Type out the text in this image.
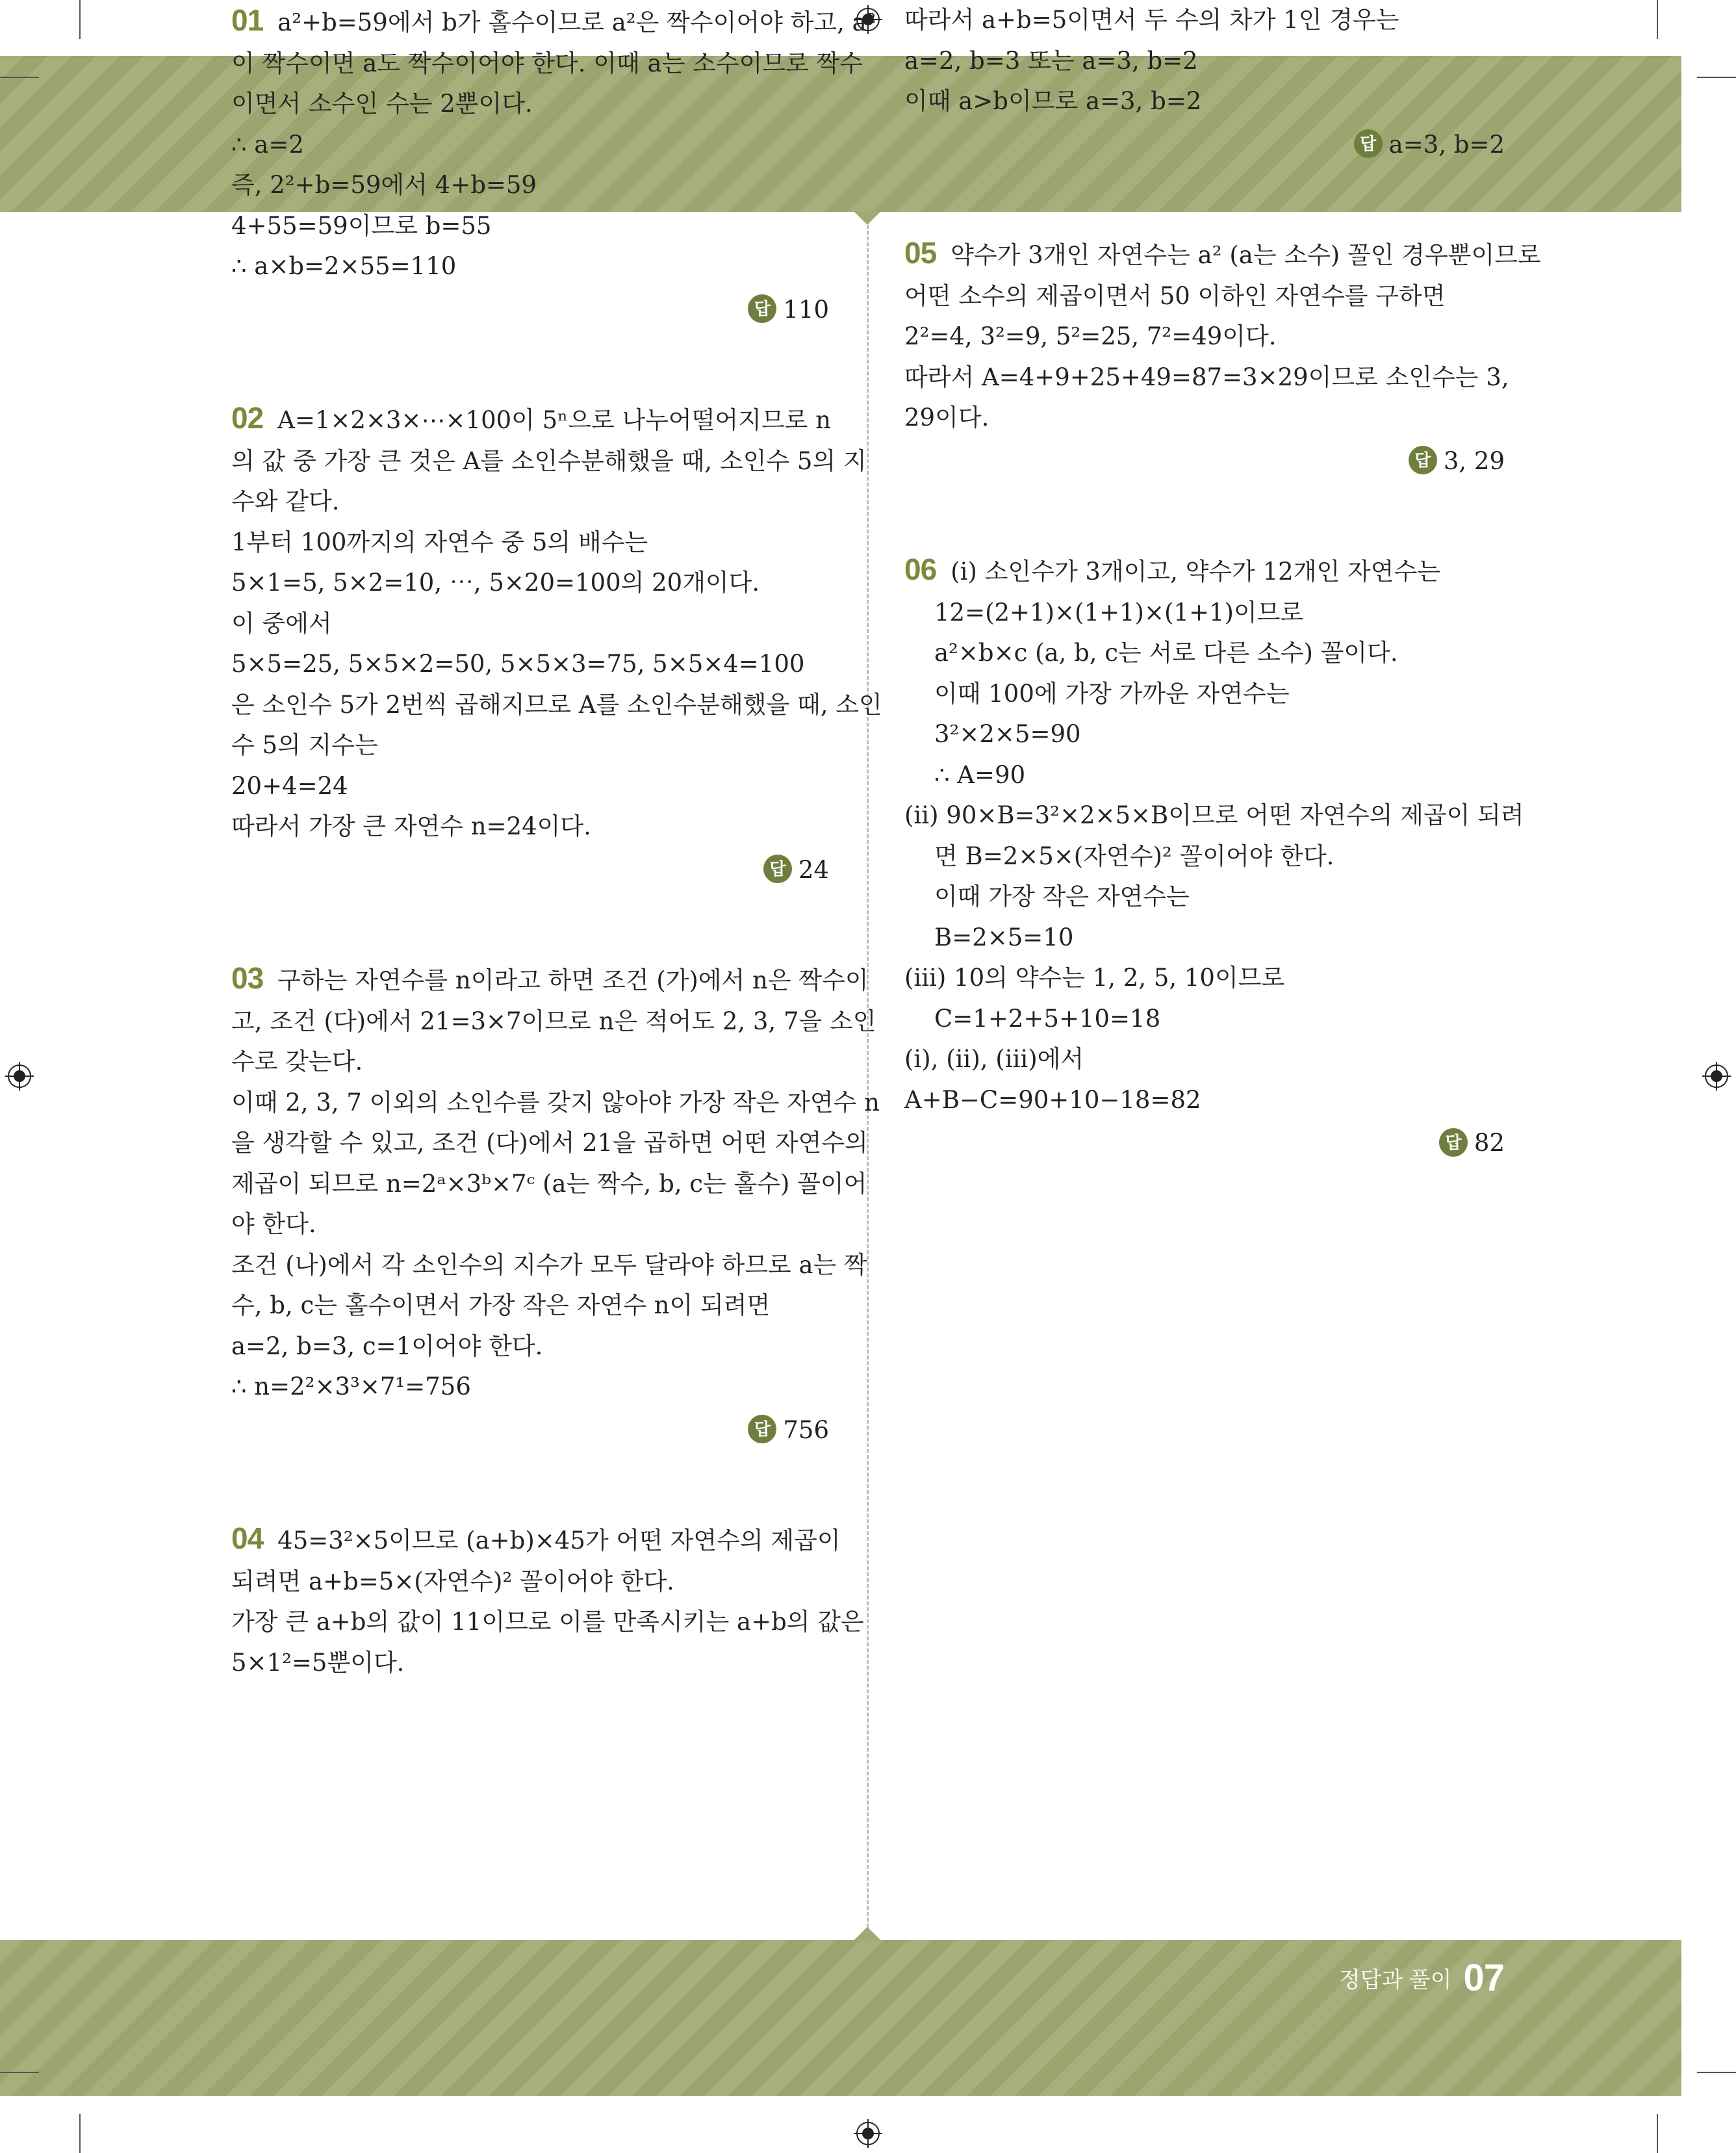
01 a²+b=59에서 b가 홀수이므로 a²은 짝수이어야 하고, a²
이 짝수이면 a도 짝수이어야 한다. 이때 a는 소수이므로 짝수
이면서 소수인 수는 2뿐이다.
∴ a=2
즉, 2²+b=59에서 4+b=59
4+55=59이므로 b=55
∴ a×b=2×55=110
답 110
02 A=1×2×3×⋯×100이 5ⁿ으로 나누어떨어지므로 n
의 값 중 가장 큰 것은 A를 소인수분해했을 때, 소인수 5의 지
수와 같다.
1부터 100까지의 자연수 중 5의 배수는
5×1=5, 5×2=10, ⋯, 5×20=100의 20개이다.
이 중에서
5×5=25, 5×5×2=50, 5×5×3=75, 5×5×4=100
은 소인수 5가 2번씩 곱해지므로 A를 소인수분해했을 때, 소인
수 5의 지수는
20+4=24
따라서 가장 큰 자연수 n=24이다.
답 24
03 구하는 자연수를 n이라고 하면 조건 (가)에서 n은 짝수이
고, 조건 (다)에서 21=3×7이므로 n은 적어도 2, 3, 7을 소인
수로 갖는다.
이때 2, 3, 7 이외의 소인수를 갖지 않아야 가장 작은 자연수 n
을 생각할 수 있고, 조건 (다)에서 21을 곱하면 어떤 자연수의
제곱이 되므로 n=2ᵃ×3ᵇ×7ᶜ (a는 짝수, b, c는 홀수) 꼴이어
야 한다.
조건 (나)에서 각 소인수의 지수가 모두 달라야 하므로 a는 짝
수, b, c는 홀수이면서 가장 작은 자연수 n이 되려면
a=2, b=3, c=1이어야 한다.
∴ n=2²×3³×7¹=756
답 756
04 45=3²×5이므로 (a+b)×45가 어떤 자연수의 제곱이
되려면 a+b=5×(자연수)² 꼴이어야 한다.
가장 큰 a+b의 값이 11이므로 이를 만족시키는 a+b의 값은
5×1²=5뿐이다.
따라서 a+b=5이면서 두 수의 차가 1인 경우는
a=2, b=3 또는 a=3, b=2
이때 a>b이므로 a=3, b=2
답 a=3, b=2
05 약수가 3개인 자연수는 a² (a는 소수) 꼴인 경우뿐이므로
어떤 소수의 제곱이면서 50 이하인 자연수를 구하면
2²=4, 3²=9, 5²=25, 7²=49이다.
따라서 A=4+9+25+49=87=3×29이므로 소인수는 3,
29이다.
답 3, 29
06 (ⅰ) 소인수가 3개이고, 약수가 12개인 자연수는
12=(2+1)×(1+1)×(1+1)이므로
a²×b×c (a, b, c는 서로 다른 소수) 꼴이다.
이때 100에 가장 가까운 자연수는
3²×2×5=90
∴ A=90
(ⅱ) 90×B=3²×2×5×B이므로 어떤 자연수의 제곱이 되려
면 B=2×5×(자연수)² 꼴이어야 한다.
이때 가장 작은 자연수는
B=2×5=10
(ⅲ) 10의 약수는 1, 2, 5, 10이므로
C=1+2+5+10=18
(ⅰ), (ⅱ), (ⅲ)에서
A+B−C=90+10−18=82
답 82
정답과 풀이 07
